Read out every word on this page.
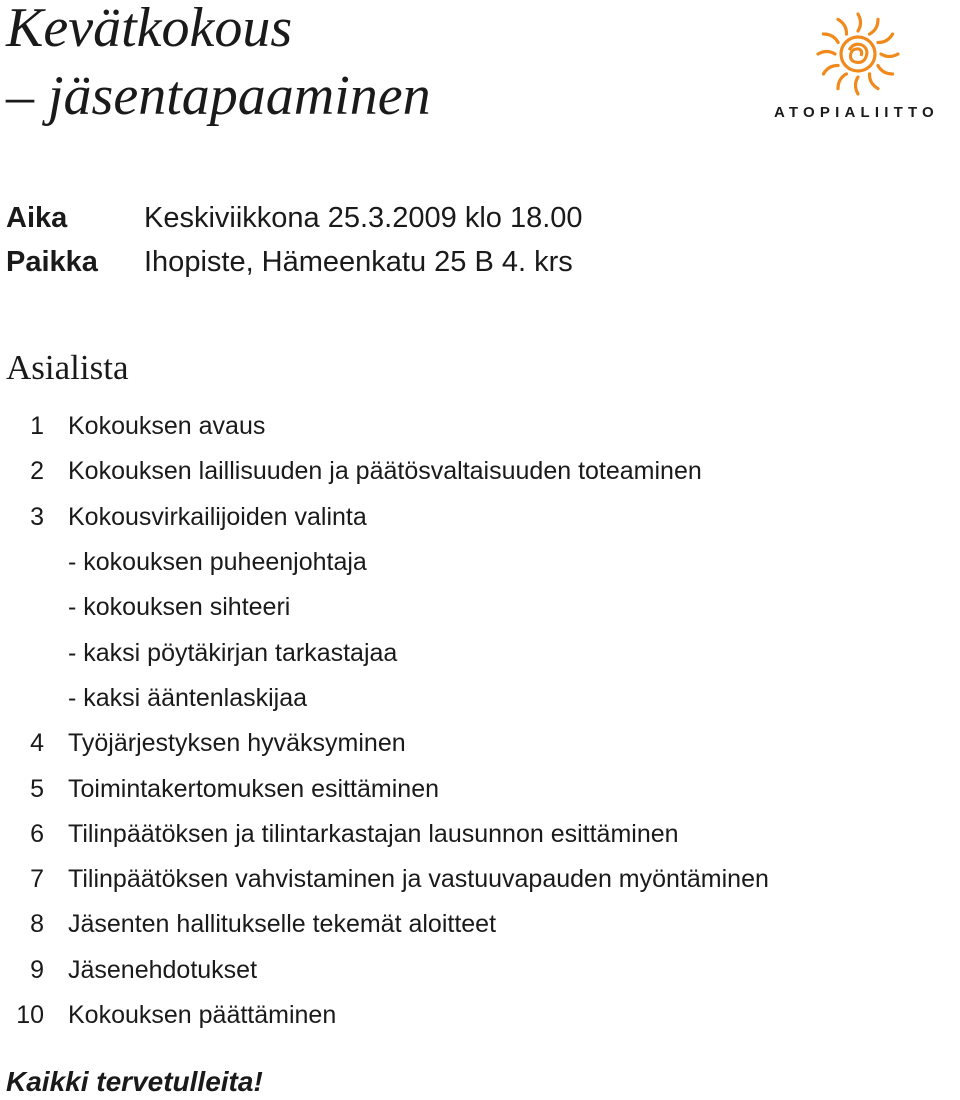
Kevätkokous
– jäsentapaaminen	ATOPIALIITTO
Aika	Keskiviikkona 25.3.2009 klo 18.00
Paikka	Ihopiste, Hämeenkatu 25 B 4. krs
Asialista
1 Kokouksen avaus
2 Kokouksen laillisuuden ja päätösvaltaisuuden toteaminen
3 Kokousvirkailijoiden valinta
- kokouksen puheenjohtaja
- kokouksen sihteeri
- kaksi pöytäkirjan tarkastajaa
- kaksi ääntenlaskijaa
4 Työjärjestyksen hyväksyminen
5 Toimintakertomuksen esittäminen
6 Tilinpäätöksen ja tilintarkastajan lausunnon esittäminen
7 Tilinpäätöksen vahvistaminen ja vastuuvapauden myöntäminen
8 Jäsenten hallitukselle tekemät aloitteet
9 Jäsenehdotukset
10 Kokouksen päättäminen

Kaikki tervetulleita!
